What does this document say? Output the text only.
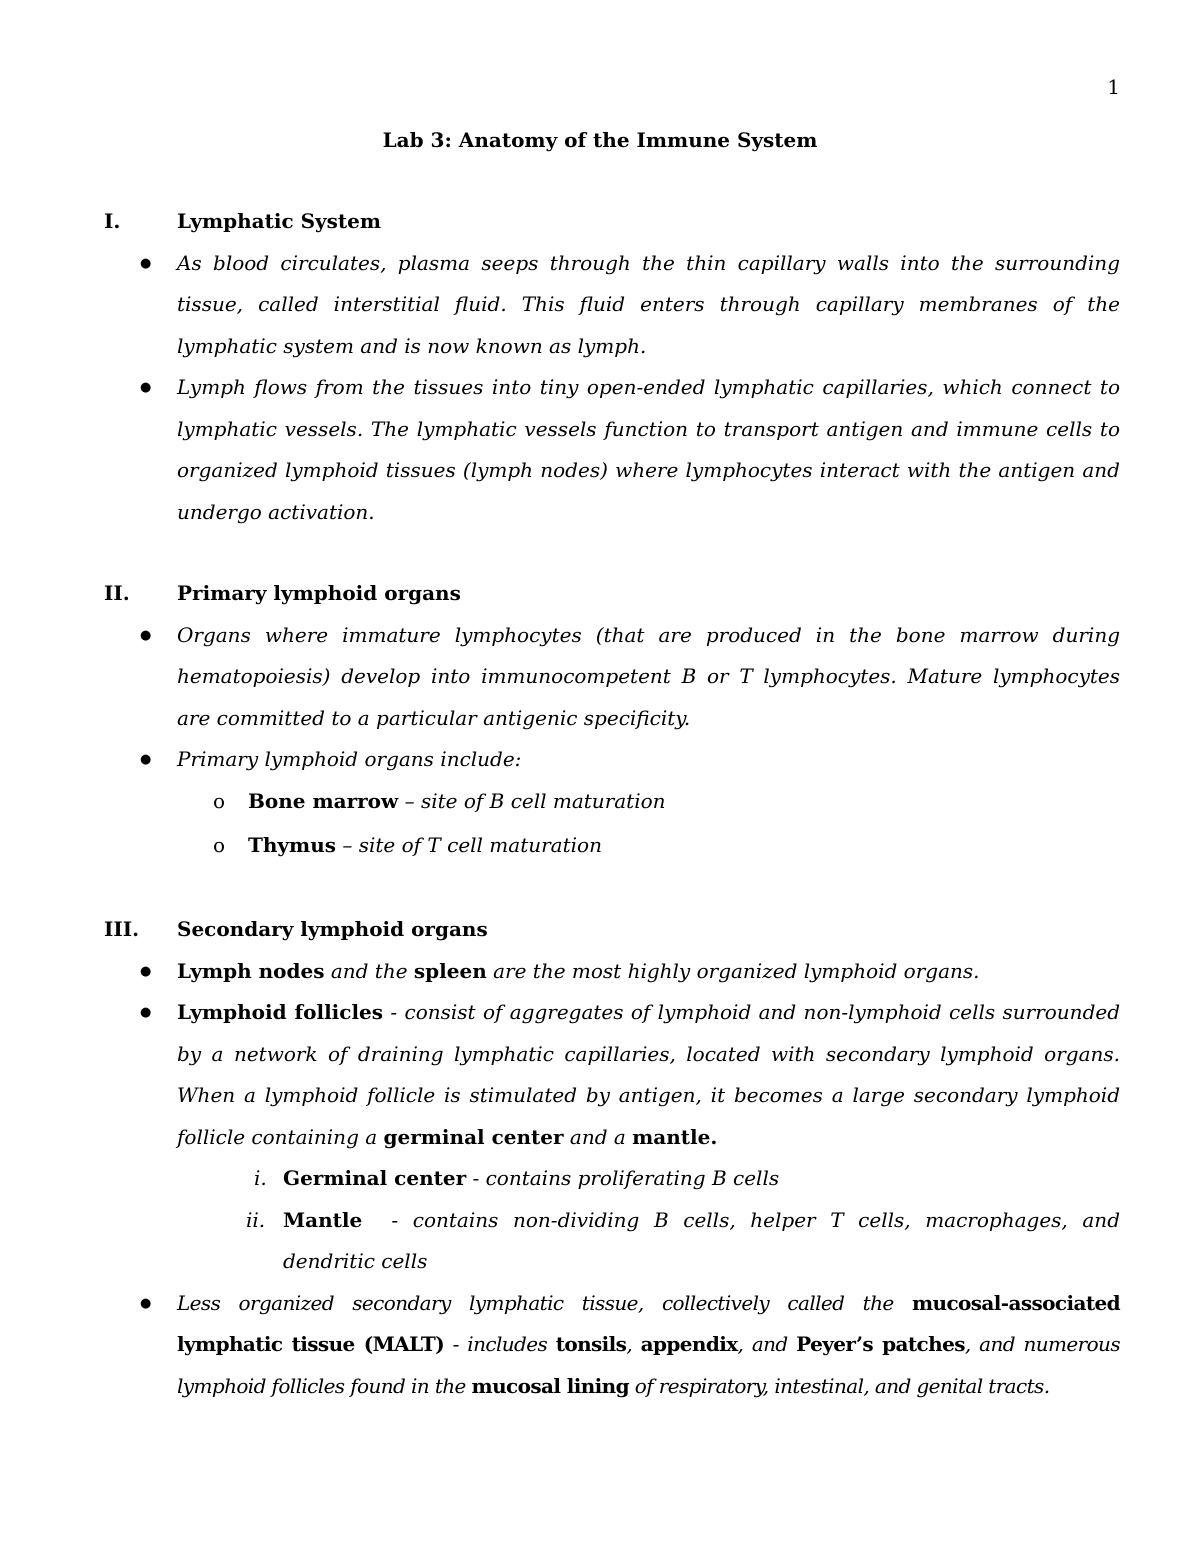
1
Lab 3: Anatomy of the Immune System
I.	Lymphatic System
● As blood circulates, plasma seeps through the thin capillary walls into the surrounding tissue, called interstitial fluid. This fluid enters through capillary membranes of the lymphatic system and is now known as lymph.
● Lymph flows from the tissues into tiny open-ended lymphatic capillaries, which connect to lymphatic vessels. The lymphatic vessels function to transport antigen and immune cells to organized lymphoid tissues (lymph nodes) where lymphocytes interact with the antigen and undergo activation.
II. Primary lymphoid organs
● Organs where immature lymphocytes (that are produced in the bone marrow during hematopoiesis) develop into immunocompetent B or T lymphocytes. Mature lymphocytes are committed to a particular antigenic specificity.
● Primary lymphoid organs include:
o Bone marrow – site of B cell maturation
o Thymus – site of T cell maturation
III. Secondary lymphoid organs
● Lymph nodes and the spleen are the most highly organized lymphoid organs.
● Lymphoid follicles - consist of aggregates of lymphoid and non-lymphoid cells surrounded by a network of draining lymphatic capillaries, located with secondary lymphoid organs. When a lymphoid follicle is stimulated by antigen, it becomes a large secondary lymphoid follicle containing a germinal center and a mantle.
i. Germinal center - contains proliferating B cells
ii. Mantle  - contains non-dividing B cells, helper T cells, macrophages, and dendritic cells
● Less organized secondary lymphatic tissue, collectively called the mucosal-associated lymphatic tissue (MALT) - includes tonsils, appendix, and Peyer’s patches, and numerous lymphoid follicles found in the mucosal lining of respiratory, intestinal, and genital tracts.
